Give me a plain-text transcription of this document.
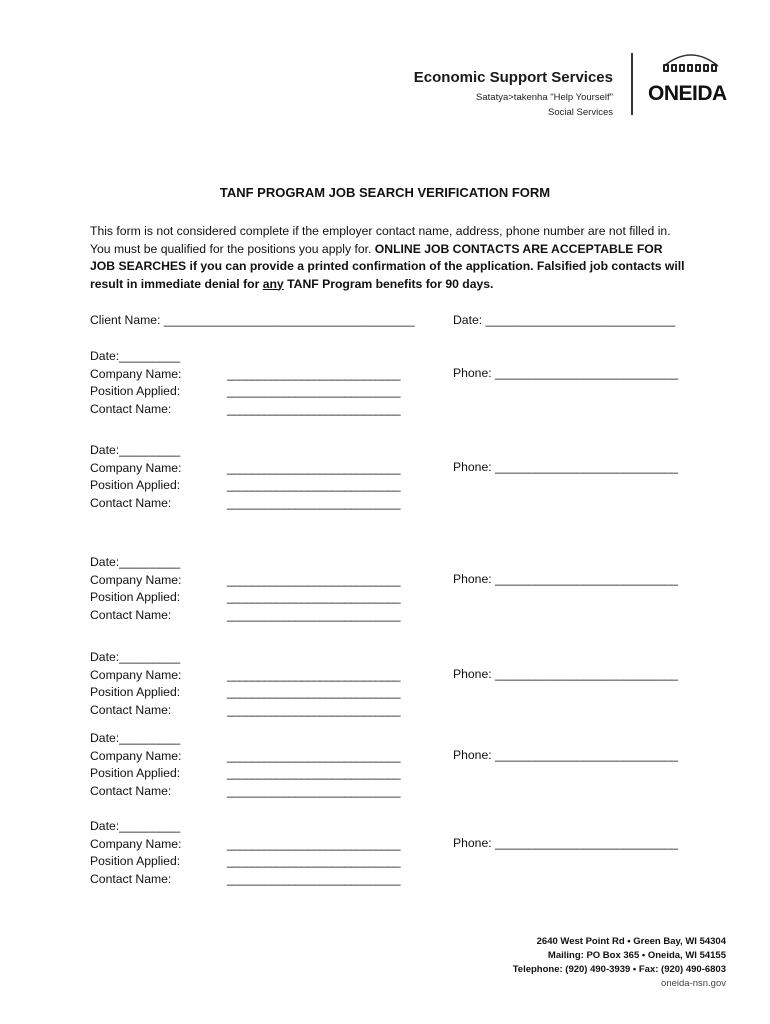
Economic Support Services
Satatya>takenha "Help Yourself"
Social Services
ONEIDA
TANF PROGRAM JOB SEARCH VERIFICATION FORM
This form is not considered complete if the employer contact name, address, phone number are not filled in. You must be qualified for the positions you apply for. ONLINE JOB CONTACTS ARE ACCEPTABLE FOR JOB SEARCHES if you can provide a printed confirmation of the application. Falsified job contacts will result in immediate denial for any TANF Program benefits for 90 days.
Client Name: _____________________________________	Date: ____________________________
Date:_________
Company Name:
Position Applied:
Contact Name:
____________________________
____________________________
____________________________
Phone: ___________________________
Date:_________
Company Name:
Position Applied:
Contact Name:
____________________________
____________________________
____________________________
Phone: ___________________________
Date:_________
Company Name:
Position Applied:
Contact Name:
____________________________
____________________________
____________________________
Phone: ___________________________
Date:_________
Company Name:
Position Applied:
Contact Name:
____________________________
____________________________
____________________________
Phone: ___________________________
Date:_________
Company Name:
Position Applied:
Contact Name:
____________________________
____________________________
____________________________
Phone: ___________________________
Date:_________
Company Name:
Position Applied:
Contact Name:
____________________________
____________________________
____________________________
Phone: ___________________________
2640 West Point Rd • Green Bay, WI 54304
Mailing: PO Box 365 • Oneida, WI 54155
Telephone: (920) 490-3939 • Fax: (920) 490-6803
oneida-nsn.gov
